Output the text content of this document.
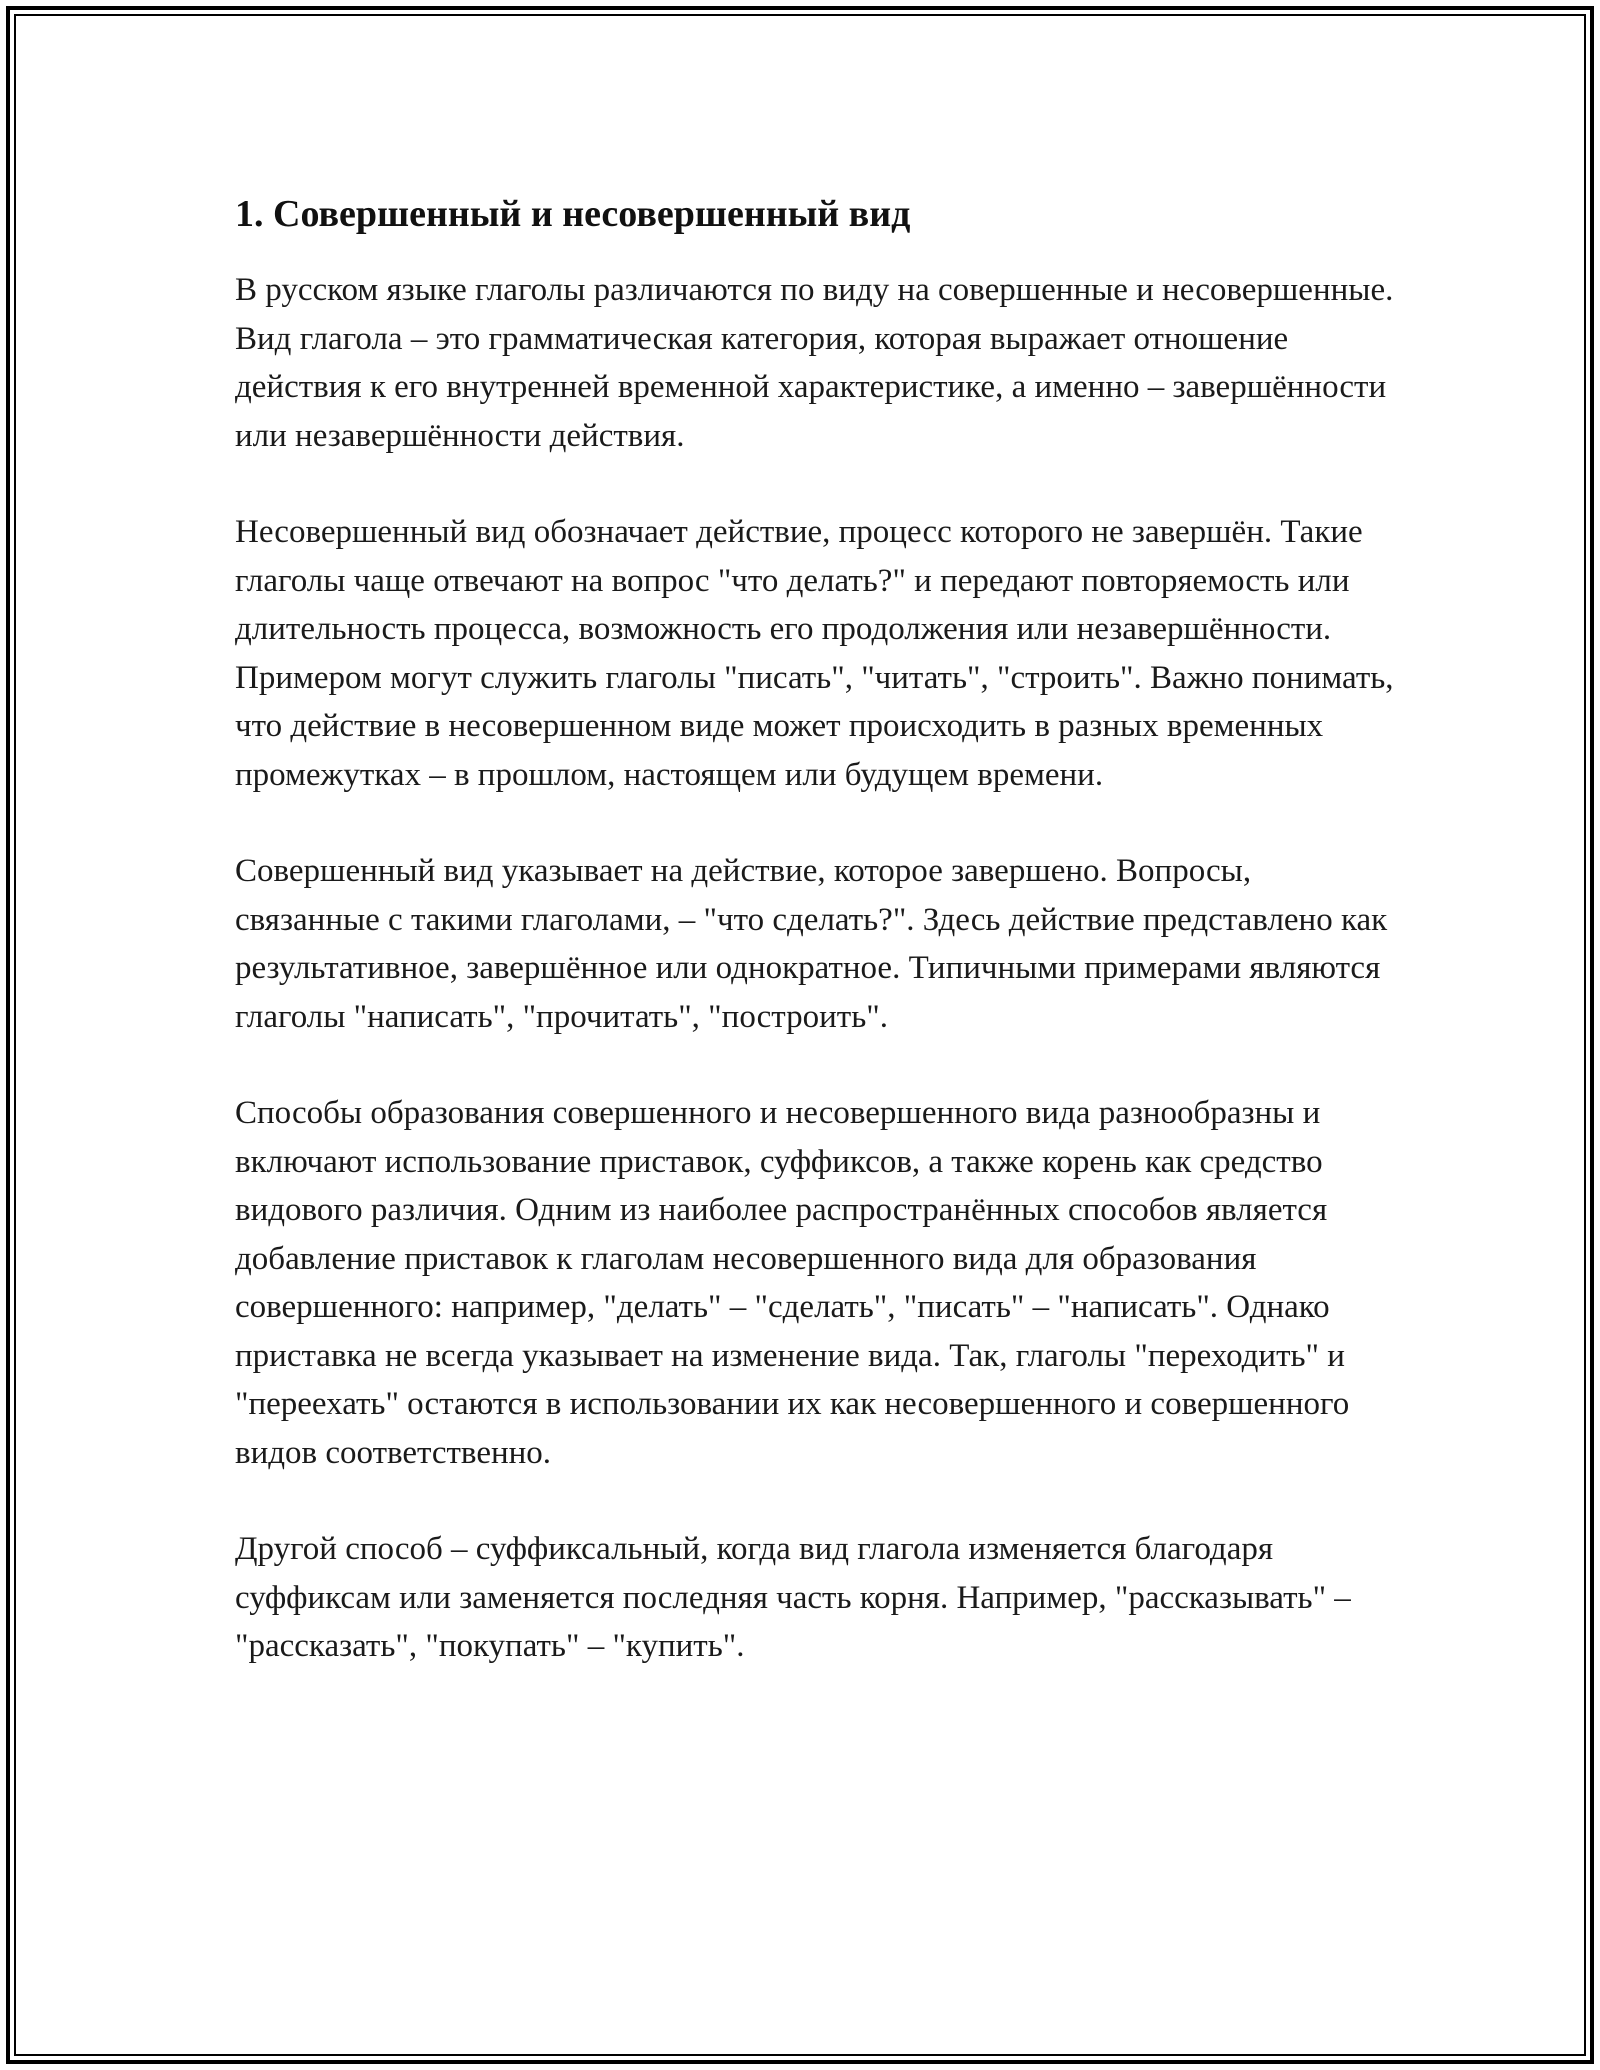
1. Совершенный и несовершенный вид

В русском языке глаголы различаются по виду на совершенные и несовершенные. Вид глагола – это грамматическая категория, которая выражает отношение действия к его внутренней временной характеристике, а именно – завершённости или незавершённости действия.

Несовершенный вид обозначает действие, процесс которого не завершён. Такие глаголы чаще отвечают на вопрос "что делать?" и передают повторяемость или длительность процесса, возможность его продолжения или незавершённости. Примером могут служить глаголы "писать", "читать", "строить". Важно понимать, что действие в несовершенном виде может происходить в разных временных промежутках – в прошлом, настоящем или будущем времени.

Совершенный вид указывает на действие, которое завершено. Вопросы, связанные с такими глаголами, – "что сделать?". Здесь действие представлено как результативное, завершённое или однократное. Типичными примерами являются глаголы "написать", "прочитать", "построить".

Способы образования совершенного и несовершенного вида разнообразны и включают использование приставок, суффиксов, а также корень как средство видового различия. Одним из наиболее распространённых способов является добавление приставок к глаголам несовершенного вида для образования совершенного: например, "делать" – "сделать", "писать" – "написать". Однако приставка не всегда указывает на изменение вида. Так, глаголы "переходить" и "переехать" остаются в использовании их как несовершенного и совершенного видов соответственно.

Другой способ – суффиксальный, когда вид глагола изменяется благодаря суффиксам или заменяется последняя часть корня. Например, "рассказывать" – "рассказать", "покупать" – "купить".
